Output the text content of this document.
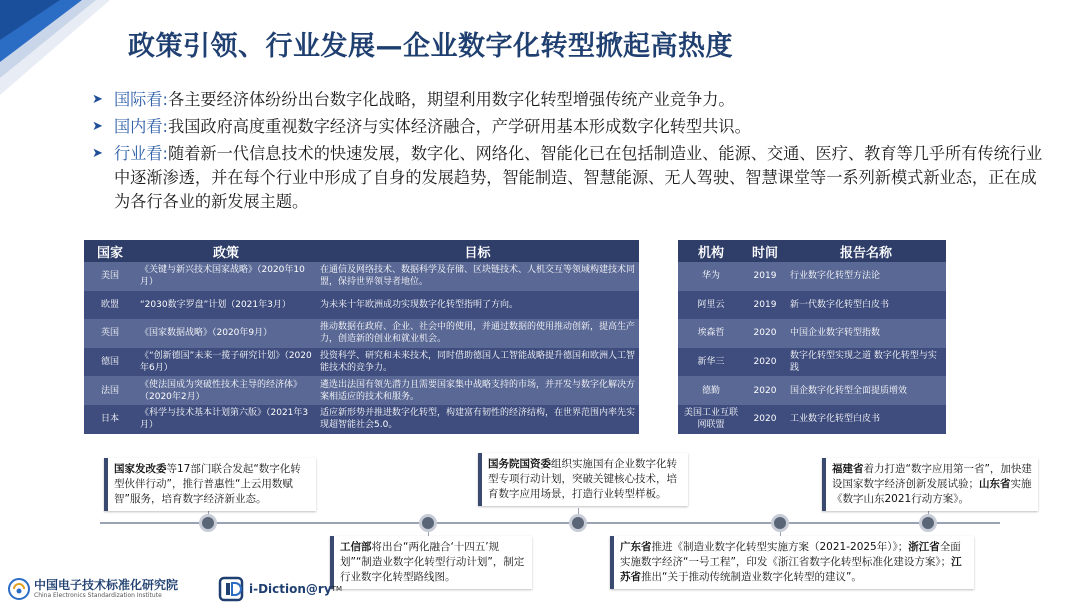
政策引领、行业发展—企业数字化转型掀起高热度
➤ 国际看:各主要经济体纷纷出台数字化战略，期望利用数字化转型增强传统产业竞争力。
➤ 国内看:我国政府高度重视数字经济与实体经济融合，产学研用基本形成数字化转型共识。
➤ 行业看:随着新一代信息技术的快速发展，数字化、网络化、智能化已在包括制造业、能源、交通、医疗、教育等几乎所有传统行业中逐渐渗透，并在每个行业中形成了自身的发展趋势，智能制造、智慧能源、无人驾驶、智慧课堂等一系列新模式新业态，正在成为各行各业的新发展主题。
国家	政策	目标
美国	《关键与新兴技术国家战略》（2020年10月）	在通信及网络技术、数据科学及存储、区块链技术、人机交互等领域构建技术同盟，保持世界领导者地位。
欧盟	“2030数字罗盘”计划（2021年3月）	为未来十年欧洲成功实现数字化转型指明了方向。
英国	《国家数据战略》（2020年9月）	推动数据在政府、企业、社会中的使用，并通过数据的使用推动创新，提高生产力，创造新的创业和就业机会。
德国	《“创新德国”未来一揽子研究计划》（2020年6月）	投资科学、研究和未来技术，同时借助德国人工智能战略提升德国和欧洲人工智能技术的竞争力。
法国	《使法国成为突破性技术主导的经济体》（2020年2月）	遴选出法国有领先潜力且需要国家集中战略支持的市场，并开发与数字化解决方案相适应的技术和服务。
日本	《科学与技术基本计划第六版》（2021年3月）	适应新形势并推进数字化转型，构建富有韧性的经济结构，在世界范围内率先实现超智能社会5.0。
机构	时间	报告名称
华为	2019	行业数字化转型方法论
阿里云	2019	新一代数字化转型白皮书
埃森哲	2020	中国企业数字转型指数
新华三	2020	数字化转型实现之道 数字化转型与实践
德勤	2020	国企数字化转型全面提质增效
美国工业互联网联盟	2020	工业数字化转型白皮书
国家发改委等17部门联合发起“数字化转型伙伴行动”，推行普惠性“上云用数赋智”服务，培育数字经济新业态。
工信部将出台“两化融合‘十四五’规划”“制造业数字化转型行动计划”，制定行业数字化转型路线图。
国务院国资委组织实施国有企业数字化转型专项行动计划，突破关键核心技术，培育数字应用场景，打造行业转型样板。
广东省推进《制造业数字化转型实施方案（2021-2025年）》；浙江省全面实施数字经济“一号工程”，印发《浙江省数字化转型标准化建设方案》；江苏省推出“关于推动传统制造业数字化转型的建议”。
福建省着力打造“数字应用第一省”，加快建设国家数字经济创新发展试验；山东省实施《数字山东2021行动方案》。
中国电子技术标准化研究院
China Electronics Standardization Institute	i-Diction@ry TM
